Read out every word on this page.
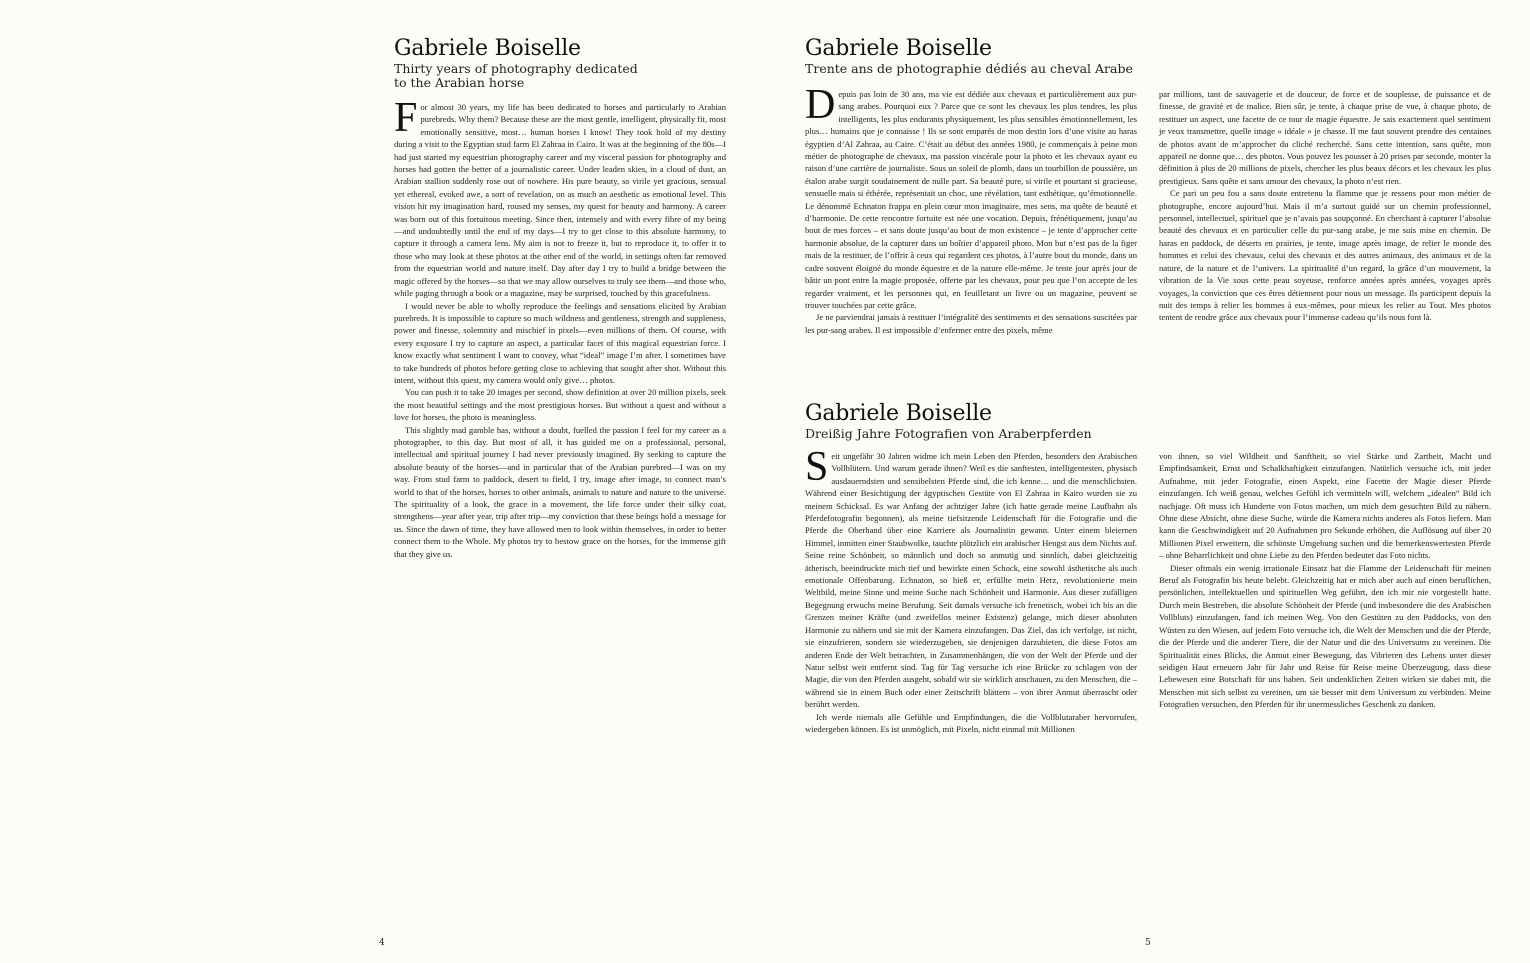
Gabriele Boiselle

Thirty years of photography dedicated

to the Arabian horse

For almost 30 years, my life has been dedicated to horses and particularly to Arabian purebreds. Why them? Because these are the most gentle, intelligent, physically fit, most emotionally sensitive, most… human horses I know! They took hold of my destiny during a visit to the Egyptian stud farm El Zahraa in Cairo. It was at the beginning of the 80s—I had just started my equestrian photography career and my visceral passion for photography and horses had gotten the better of a journalistic career. Under leaden skies, in a cloud of dust, an Arabian stallion suddenly rose out of nowhere. His pure beauty, so virile yet gracious, sensual yet ethereal, evoked awe, a sort of revelation, on as much an aesthetic as emotional level. This vision hit my imagination hard, roused my senses, my quest for beauty and harmony. A career was born out of this fortuitous meeting. Since then, intensely and with every fibre of my being—and undoubtedly until the end of my days—I try to get close to this absolute harmony, to capture it through a camera lens. My aim is not to freeze it, but to reproduce it, to offer it to those who may look at these photos at the other end of the world, in settings often far removed from the equestrian world and nature itself. Day after day I try to build a bridge between the magic offered by the horses—so that we may allow ourselves to truly see them—and those who, while paging through a book or a magazine, may be surprised, touched by this gracefulness.

I would never be able to wholly reproduce the feelings and sensations elicited by Arabian purebreds. It is impossible to capture so much wildness and gentleness, strength and suppleness, power and finesse, solemnity and mischief in pixels—even millions of them. Of course, with every exposure I try to capture an aspect, a particular facet of this magical equestrian force. I know exactly what sentiment I want to convey, what “ideal” image I’m after. I sometimes have to take hundreds of photos before getting close to achieving that sought after shot. Without this intent, without this quest, my camera would only give… photos.

You can push it to take 20 images per second, show definition at over 20 million pixels, seek the most beautiful settings and the most prestigious horses. But without a quest and without a love for horses, the photo is meaningless.

This slightly mad gamble has, without a doubt, fuelled the passion I feel for my career as a photographer, to this day. But most of all, it has guided me on a professional, personal, intellectual and spiritual journey I had never previously imagined. By seeking to capture the absolute beauty of the horses—and in particular that of the Arabian purebred—I was on my way. From stud farm to paddock, desert to field, I try, image after image, to connect man’s world to that of the horses, horses to other animals, animals to nature and nature to the universe. The spirituality of a look, the grace in a movement, the life force under their silky coat, strengthens—year after year, trip after trip—my conviction that these beings hold a message for us. Since the dawn of time, they have allowed men to look within themselves, in order to better connect them to the Whole. My photos try to bestow grace on the horses, for the immense gift that they give us.

Gabriele Boiselle

Trente ans de photographie dédiés au cheval Arabe

Depuis pas loin de 30 ans, ma vie est dédiée aux chevaux et particulièrement aux pur-sang arabes. Pourquoi eux ? Parce que ce sont les chevaux les plus tendres, les plus intelligents, les plus endurants physiquement, les plus sensibles émotionnellement, les plus… humains que je connaisse ! Ils se sont emparés de mon destin lors d’une visite au haras égyptien d’Al Zahraa, au Caire. C’était au début des années 1980, je commençais à peine mon métier de photographe de chevaux, ma passion viscérale pour la photo et les chevaux ayant eu raison d’une carrière de journaliste. Sous un soleil de plomb, dans un tourbillon de poussière, un étalon arabe surgit soudainement de nulle part. Sa beauté pure, si virile et pourtant si gracieuse, sensuelle mais si éthérée, représentait un choc, une révélation, tant esthétique, qu’émotionnelle. Le dénommé Echnaton frappa en plein cœur mon imaginaire, mes sens, ma quête de beauté et d’harmonie. De cette rencontre fortuite est née une vocation. Depuis, frénétiquement, jusqu’au bout de mes forces – et sans doute jusqu’au bout de mon existence – je tente d’approcher cette harmonie absolue, de la capturer dans un boîtier d’appareil photo. Mon but n’est pas de la figer mais de la restituer, de l’offrir à ceux qui regardent ces photos, à l’autre bout du monde, dans un cadre souvent éloigné du monde équestre et de la nature elle-même. Je tente jour après jour de bâtir un pont entre la magie proposée, offerte par les chevaux, pour peu que l’on accepte de les regarder vraiment, et les personnes qui, en feuilletant un livre ou un magazine, peuvent se trouver touchées par cette grâce.

Je ne parviendrai jamais à restituer l’intégralité des sentiments et des sensations suscitées par les pur-sang arabes. Il est impossible d’enfermer entre des pixels, même

par millions, tant de sauvagerie et de douceur, de force et de souplesse, de puissance et de finesse, de gravité et de malice. Bien sûr, je tente, à chaque prise de vue, à chaque photo, de restituer un aspect, une facette de ce tour de magie équestre. Je sais exactement quel sentiment je veux transmettre, quelle image « idéale » je chasse. Il me faut souvent prendre des centaines de photos avant de m’approcher du cliché recherché. Sans cette intention, sans quête, mon appareil ne donne que… des photos. Vous pouvez les pousser à 20 prises par seconde, monter la définition à plus de 20 millions de pixels, chercher les plus beaux décors et les chevaux les plus prestigieux. Sans quête et sans amour des chevaux, la photo n’est rien.

Ce pari un peu fou a sans doute entretenu la flamme que je ressens pour mon métier de photographe, encore aujourd’hui. Mais il m’a surtout guidé sur un chemin professionnel, personnel, intellectuel, spirituel que je n’avais pas soupçonné. En cherchant à capturer l’absolue beauté des chevaux et en particulier celle du pur-sang arabe, je me suis mise en chemin. De haras en paddock, de déserts en prairies, je tente, image après image, de relier le monde des hommes et celui des chevaux, celui des chevaux et des autres animaux, des animaux et de la nature, de la nature et de l’univers. La spiritualité d’un regard, la grâce d’un mouvement, la vibration de la Vie sous cette peau soyeuse, renforce années après années, voyages après voyages, la conviction que ces êtres détiennent pour nous un message. Ils participent depuis la nuit des temps à relier les hommes à eux-mêmes, pour mieux les relier au Tout. Mes photos tentent de rendre grâce aux chevaux pour l’immense cadeau qu’ils nous font là.

Gabriele Boiselle

Dreißig Jahre Fotografien von Araberpferden

Seit ungefähr 30 Jahren widme ich mein Leben den Pferden, besonders den Arabischen Vollblütern. Und warum gerade ihnen? Weil es die sanftesten, intelligentesten, physisch ausdauerndsten und sensibelsten Pferde sind, die ich kenne… und die menschlichsten. Während einer Besichtigung der ägyptischen Gestüte von El Zahraa in Kairo wurden sie zu meinem Schicksal. Es war Anfang der achtziger Jahre (ich hatte gerade meine Laufbahn als Pferdefotografin begonnen), als meine tiefsitzende Leidenschaft für die Fotografie und die Pferde die Oberhand über eine Karriere als Journalistin gewann. Unter einem bleiernen Himmel, inmitten einer Staubwolke, tauchte plötzlich ein arabischer Hengst aus dem Nichts auf. Seine reine Schönheit, so männlich und doch so anmutig und sinnlich, dabei gleichzeitig ätherisch, beeindruckte mich tief und bewirkte einen Schock, eine sowohl ästhetische als auch emotionale Offenbarung. Echnaton, so hieß er, erfüllte mein Herz, revolutionierte mein Weltbild, meine Sinne und meine Suche nach Schönheit und Harmonie. Aus dieser zufälligen Begegnung erwuchs meine Berufung. Seit damals versuche ich frenetisch, wobei ich bis an die Grenzen meiner Kräfte (und zweifellos meiner Existenz) gelange, mich dieser absoluten Harmonie zu nähern und sie mit der Kamera einzufangen. Das Ziel, das ich verfolge, ist nicht, sie einzufrieren, sondern sie wiederzugeben, sie denjenigen darzubieten, die diese Fotos am anderen Ende der Welt betrachten, in Zusammenhängen, die von der Welt der Pferde und der Natur selbst weit entfernt sind. Tag für Tag versuche ich eine Brücke zu schlagen von der Magie, die von den Pferden ausgeht, sobald wir sie wirklich anschauen, zu den Menschen, die – während sie in einem Buch oder einer Zeitschrift blättern – von ihrer Anmut überrascht oder berührt werden.

Ich werde niemals alle Gefühle und Empfindungen, die die Vollblutaraber hervorrufen, wiedergeben können. Es ist unmöglich, mit Pixeln, nicht einmal mit Millionen

von ihnen, so viel Wildheit und Sanftheit, so viel Stärke und Zartheit, Macht und Empfindsamkeit, Ernst und Schalkhaftigkeit einzufangen. Natürlich versuche ich, mit jeder Aufnahme, mit jeder Fotografie, einen Aspekt, eine Facette der Magie dieser Pferde einzufangen. Ich weiß genau, welches Gefühl ich vermitteln will, welchem „idealen“ Bild ich nachjage. Oft muss ich Hunderte von Fotos machen, um mich dem gesuchten Bild zu nähern. Ohne diese Absicht, ohne diese Suche, würde die Kamera nichts anderes als Fotos liefern. Man kann die Geschwindigkeit auf 20 Aufnahmen pro Sekunde erhöhen, die Auflösung auf über 20 Millionen Pixel erweitern, die schönste Umgebung suchen und die bemerkenswertesten Pferde – ohne Beharrlichkeit und ohne Liebe zu den Pferden bedeutet das Foto nichts.

Dieser oftmals ein wenig irrationale Einsatz hat die Flamme der Leidenschaft für meinen Beruf als Fotografin bis heute belebt. Gleichzeitig hat er mich aber auch auf einen beruflichen, persönlichen, intellektuellen und spirituellen Weg geführt, den ich mir nie vorgestellt hatte. Durch mein Bestreben, die absolute Schönheit der Pferde (und insbesondere die des Arabischen Vollbluts) einzufangen, fand ich meinen Weg. Von den Gestüten zu den Paddocks, von den Wüsten zu den Wiesen, auf jedem Foto versuche ich, die Welt der Menschen und die der Pferde, die der Pferde und die anderer Tiere, die der Natur und die des Universums zu vereinen. Die Spiritualität eines Blicks, die Anmut einer Bewegung, das Vibrieren des Lebens unter dieser seidigen Haut erneuern Jahr für Jahr und Reise für Reise meine Überzeugung, dass diese Lebewesen eine Botschaft für uns haben. Seit undenklichen Zeiten wirken sie dabei mit, die Menschen mit sich selbst zu vereinen, um sie besser mit dem Universum zu verbinden. Meine Fotografien versuchen, den Pferden für ihr unermessliches Geschenk zu danken.

4	5
